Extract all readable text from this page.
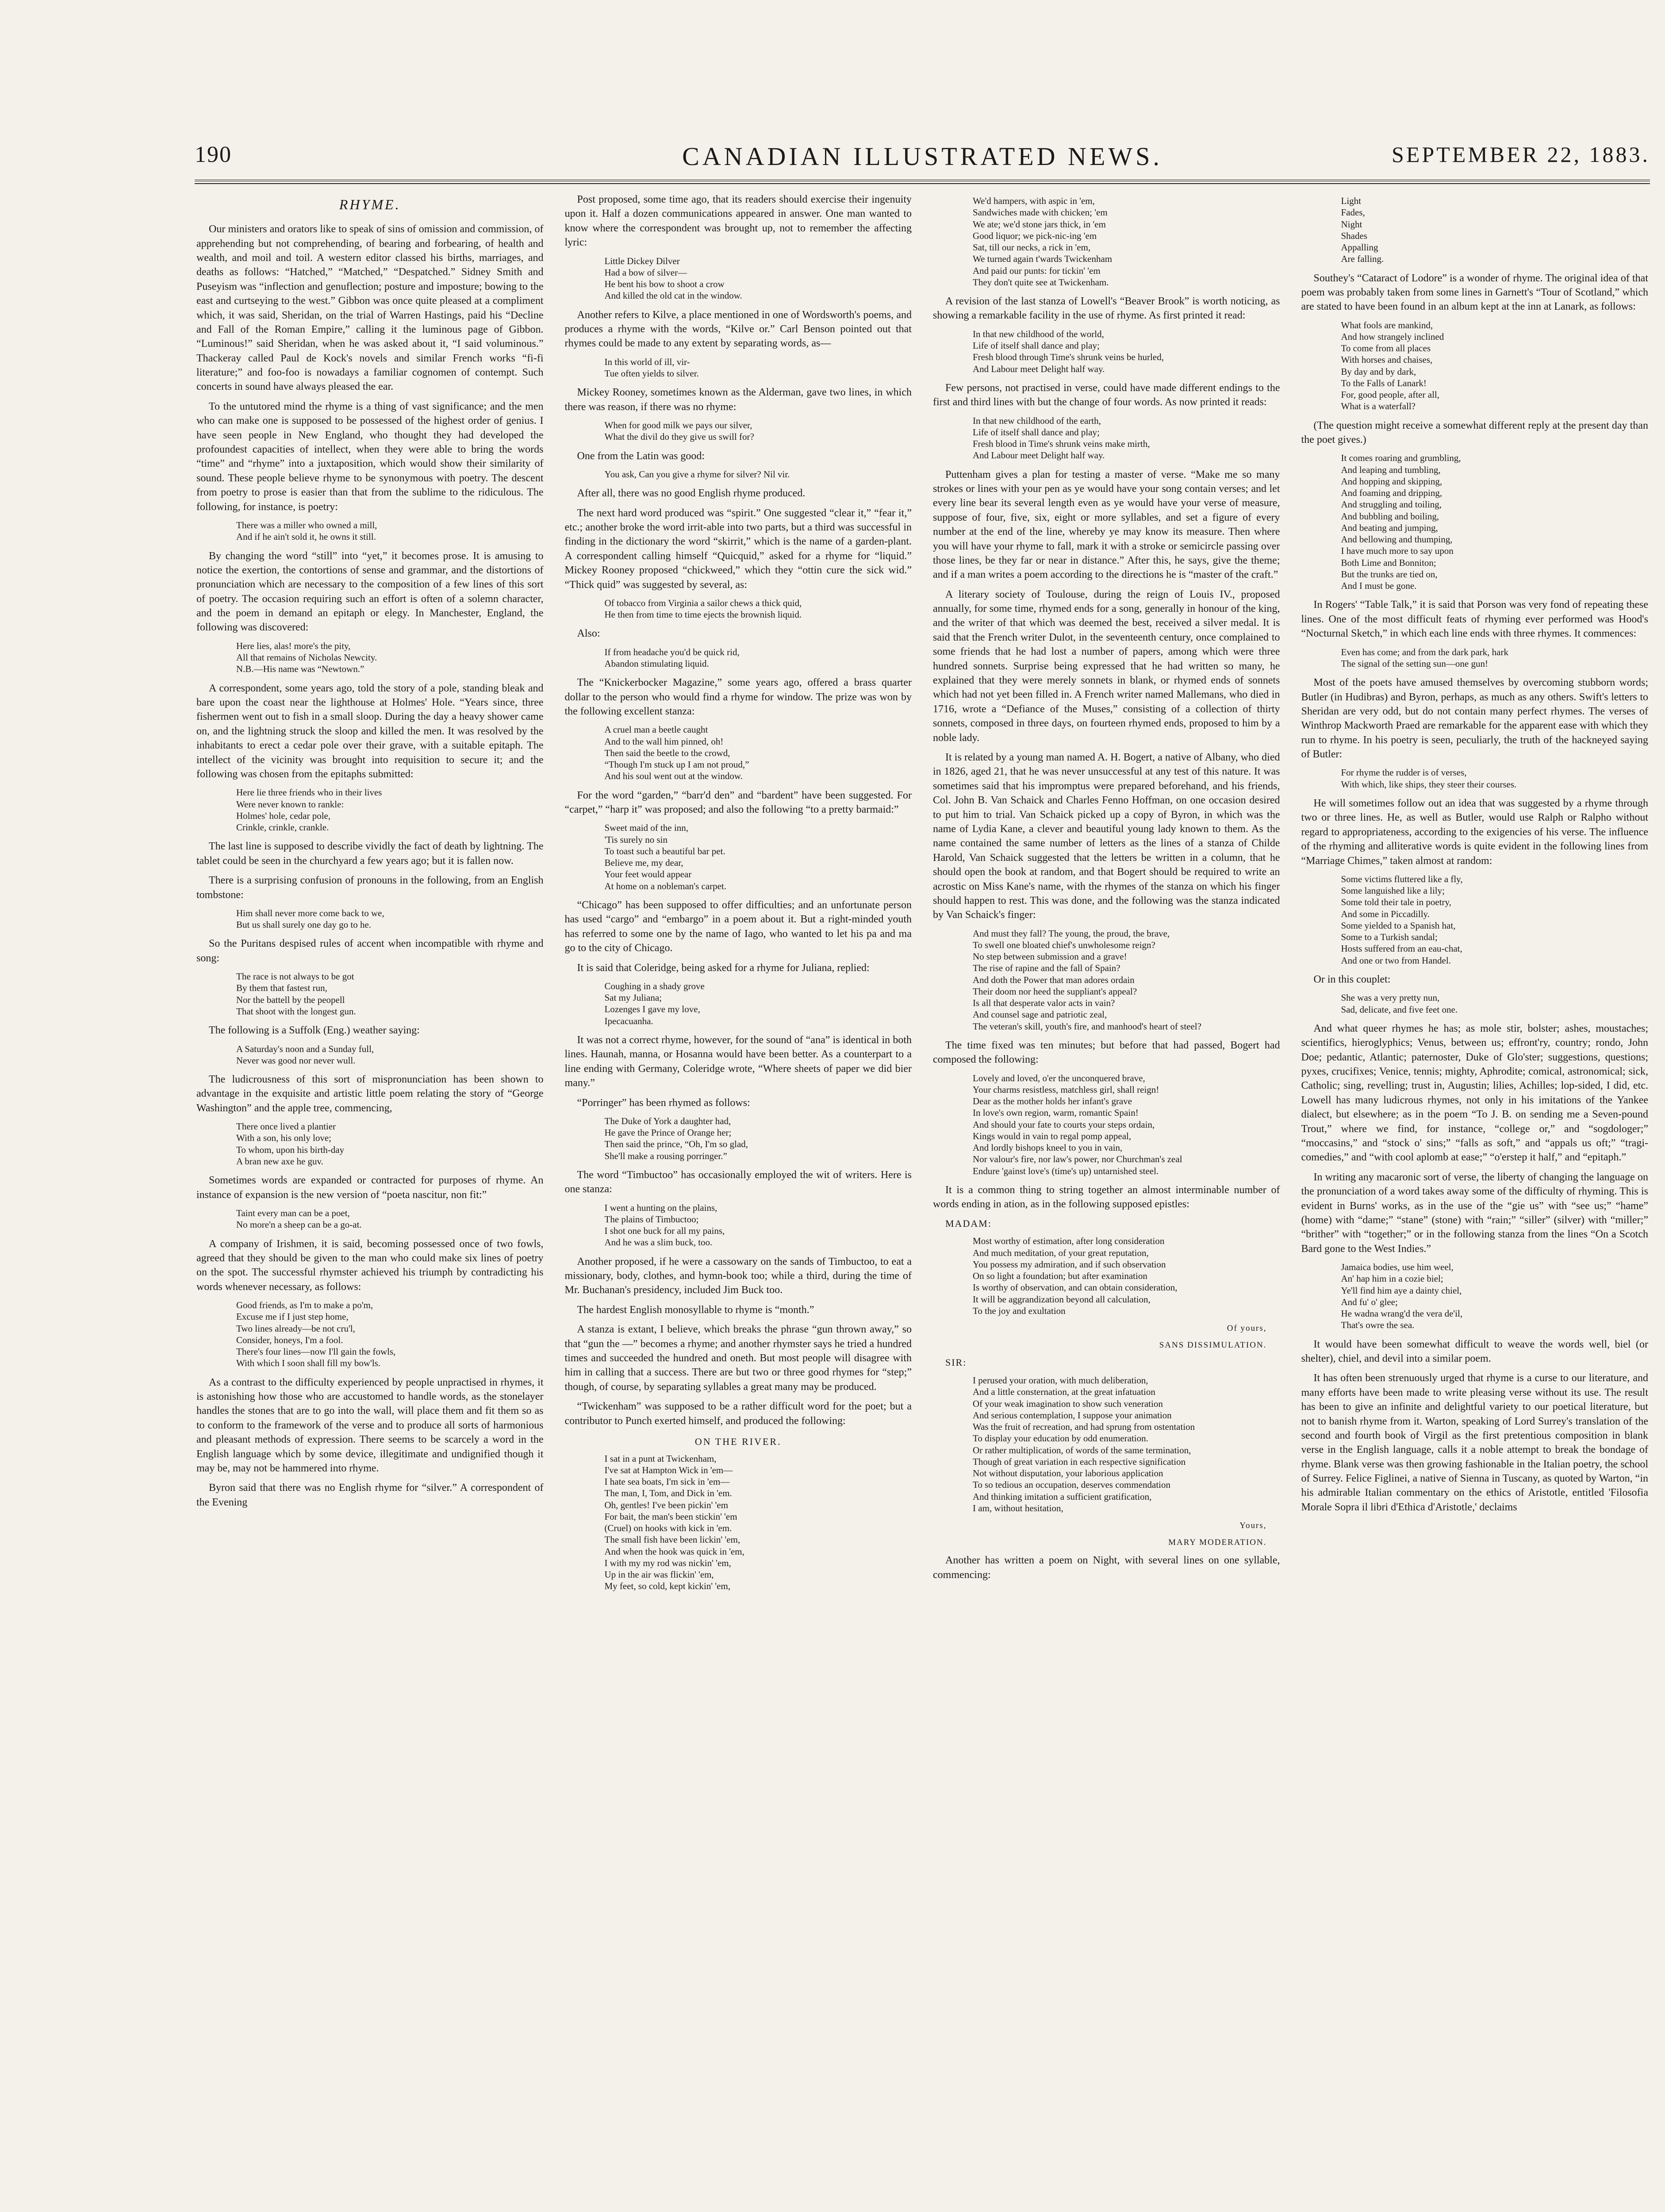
190	CANADIAN ILLUSTRATED NEWS.	SEPTEMBER 22, 1883.
RHYME.

Our ministers and orators like to speak of sins of omission and commission, of apprehending but not comprehending, of bearing and forbearing, of health and wealth, and moil and toil. A western editor classed his births, marriages, and deaths as follows: “Hatched,” “Matched,” “Despatched.” Sidney Smith and Puseyism was “inflection and genuflection; posture and imposture; bowing to the east and curtseying to the west.” Gibbon was once quite pleased at a compliment which, it was said, Sheridan, on the trial of Warren Hastings, paid his “Decline and Fall of the Roman Empire,” calling it the luminous page of Gibbon. “Luminous!” said Sheridan, when he was asked about it, “I said voluminous.” Thackeray called Paul de Kock's novels and similar French works “fi-fi literature;” and foo-foo is nowadays a familiar cognomen of contempt. Such concerts in sound have always pleased the ear.

To the untutored mind the rhyme is a thing of vast significance; and the men who can make one is supposed to be possessed of the highest order of genius. I have seen people in New England, who thought they had developed the profoundest capacities of intellect, when they were able to bring the words “time” and “rhyme” into a juxtaposition, which would show their similarity of sound. These people believe rhyme to be synonymous with poetry. The descent from poetry to prose is easier than that from the sublime to the ridiculous. The following, for instance, is poetry:

There was a miller who owned a mill,
And if he ain't sold it, he owns it still.

By changing the word “still” into “yet,” it becomes prose. It is amusing to notice the exertion, the contortions of sense and grammar, and the distortions of pronunciation which are necessary to the composition of a few lines of this sort of poetry. The occasion requiring such an effort is often of a solemn character, and the poem in demand an epitaph or elegy. In Manchester, England, the following was discovered:

Here lies, alas! more's the pity,
All that remains of Nicholas Newcity.
N.B.—His name was “Newtown.”

A correspondent, some years ago, told the story of a pole, standing bleak and bare upon the coast near the lighthouse at Holmes' Hole. “Years since, three fishermen went out to fish in a small sloop. During the day a heavy shower came on, and the lightning struck the sloop and killed the men. It was resolved by the inhabitants to erect a cedar pole over their grave, with a suitable epitaph. The intellect of the vicinity was brought into requisition to secure it; and the following was chosen from the epitaphs submitted:

Here lie three friends who in their lives
Were never known to rankle:
Holmes' hole, cedar pole,
Crinkle, crinkle, crankle.

The last line is supposed to describe vividly the fact of death by lightning. The tablet could be seen in the churchyard a few years ago; but it is fallen now.

There is a surprising confusion of pronouns in the following, from an English tombstone:

Him shall never more come back to we,
But us shall surely one day go to he.

So the Puritans despised rules of accent when incompatible with rhyme and song:

The race is not always to be got
By them that fastest run,
Nor the battell by the peopell
That shoot with the longest gun.

The following is a Suffolk (Eng.) weather saying:

A Saturday's noon and a Sunday full,
Never was good nor never wull.

The ludicrousness of this sort of mispronunciation has been shown to advantage in the exquisite and artistic little poem relating the story of “George Washington” and the apple tree, commencing,

There once lived a plantier
With a son, his only love;
To whom, upon his birth-day
A bran new axe he guv.

Sometimes words are expanded or contracted for purposes of rhyme. An instance of expansion is the new version of “poeta nascitur, non fit:”

Taint every man can be a poet,
No more'n a sheep can be a go-at.

A company of Irishmen, it is said, becoming possessed once of two fowls, agreed that they should be given to the man who could make six lines of poetry on the spot. The successful rhymster achieved his triumph by contradicting his words whenever necessary, as follows:

Good friends, as I'm to make a po'm,
Excuse me if I just step home,
Two lines already—be not cru'l,
Consider, honeys, I'm a fool.
There's four lines—now I'll gain the fowls,
With which I soon shall fill my bow'ls.

As a contrast to the difficulty experienced by people unpractised in rhymes, it is astonishing how those who are accustomed to handle words, as the stonelayer handles the stones that are to go into the wall, will place them and fit them so as to conform to the framework of the verse and to produce all sorts of harmonious and pleasant methods of expression. There seems to be scarcely a word in the English language which by some device, illegitimate and undignified though it may be, may not be hammered into rhyme.

Byron said that there was no English rhyme for “silver.” A correspondent of the Evening

Post proposed, some time ago, that its readers should exercise their ingenuity upon it. Half a dozen communications appeared in answer. One man wanted to know where the correspondent was brought up, not to remember the affecting lyric:

Little Dickey Dilver
Had a bow of silver—
He bent his bow to shoot a crow
And killed the old cat in the window.

Another refers to Kilve, a place mentioned in one of Wordsworth's poems, and produces a rhyme with the words, “Kilve or.” Carl Benson pointed out that rhymes could be made to any extent by separating words, as—

In this world of ill, vir-
Tue often yields to silver.

Mickey Rooney, sometimes known as the Alderman, gave two lines, in which there was reason, if there was no rhyme:

When for good milk we pays our silver,
What the divil do they give us swill for?

One from the Latin was good:

You ask, Can you give a rhyme for silver? Nil vir.

After all, there was no good English rhyme produced.

The next hard word produced was “spirit.” One suggested “clear it,” “fear it,” etc.; another broke the word irrit-able into two parts, but a third was successful in finding in the dictionary the word “skirrit,” which is the name of a garden-plant. A correspondent calling himself “Quicquid,” asked for a rhyme for “liquid.” Mickey Rooney proposed “chickweed,” which they “ottin cure the sick wid.” “Thick quid” was suggested by several, as:

Of tobacco from Virginia a sailor chews a thick quid,
He then from time to time ejects the brownish liquid.

Also:

If from headache you'd be quick rid,
Abandon stimulating liquid.

The “Knickerbocker Magazine,” some years ago, offered a brass quarter dollar to the person who would find a rhyme for window. The prize was won by the following excellent stanza:

A cruel man a beetle caught
And to the wall him pinned, oh!
Then said the beetle to the crowd,
“Though I'm stuck up I am not proud,”
And his soul went out at the window.

For the word “garden,” “barr'd den” and “bardent” have been suggested. For “carpet,” “harp it” was proposed; and also the following “to a pretty barmaid:”

Sweet maid of the inn,
'Tis surely no sin
To toast such a beautiful bar pet.
Believe me, my dear,
Your feet would appear
At home on a nobleman's carpet.

“Chicago” has been supposed to offer difficulties; and an unfortunate person has used “cargo” and “embargo” in a poem about it. But a right-minded youth has referred to some one by the name of Iago, who wanted to let his pa and ma go to the city of Chicago.

It is said that Coleridge, being asked for a rhyme for Juliana, replied:

Coughing in a shady grove
Sat my Juliana;
Lozenges I gave my love,
Ipecacuanha.

It was not a correct rhyme, however, for the sound of “ana” is identical in both lines. Haunah, manna, or Hosanna would have been better. As a counterpart to a line ending with Germany, Coleridge wrote, “Where sheets of paper we did bier many.”

“Porringer” has been rhymed as follows:

The Duke of York a daughter had,
He gave the Prince of Orange her;
Then said the prince, “Oh, I'm so glad,
She'll make a rousing porringer.”

The word “Timbuctoo” has occasionally employed the wit of writers. Here is one stanza:

I went a hunting on the plains,
The plains of Timbuctoo;
I shot one buck for all my pains,
And he was a slim buck, too.

Another proposed, if he were a cassowary on the sands of Timbuctoo, to eat a missionary, body, clothes, and hymn-book too; while a third, during the time of Mr. Buchanan's presidency, included Jim Buck too.

The hardest English monosyllable to rhyme is “month.”

A stanza is extant, I believe, which breaks the phrase “gun thrown away,” so that “gun the —” becomes a rhyme; and another rhymster says he tried a hundred times and succeeded the hundred and oneth. But most people will disagree with him in calling that a success. There are but two or three good rhymes for “step;” though, of course, by separating syllables a great many may be produced.

“Twickenham” was supposed to be a rather difficult word for the poet; but a contributor to Punch exerted himself, and produced the following:

ON THE RIVER.
I sat in a punt at Twickenham,
I've sat at Hampton Wick in 'em—
I hate sea boats, I'm sick in 'em—
The man, I, Tom, and Dick in 'em.
Oh, gentles! I've been pickin' 'em
For bait, the man's been stickin' 'em
(Cruel) on hooks with kick in 'em.
The small fish have been lickin' 'em,
And when the hook was quick in 'em,
I with my my rod was nickin' 'em,
Up in the air was flickin' 'em,
My feet, so cold, kept kickin' 'em,
We'd hampers, with aspic in 'em,
Sandwiches made with chicken; 'em
We ate; we'd stone jars thick, in 'em
Good liquor; we pick-nic-ing 'em
Sat, till our necks, a rick in 'em,
We turned again t'wards Twickenham
And paid our punts: for tickin' 'em
They don't quite see at Twickenham.

A revision of the last stanza of Lowell's “Beaver Brook” is worth noticing, as showing a remarkable facility in the use of rhyme. As first printed it read:

In that new childhood of the world,
Life of itself shall dance and play;
Fresh blood through Time's shrunk veins be hurled,
And Labour meet Delight half way.

Few persons, not practised in verse, could have made different endings to the first and third lines with but the change of four words. As now printed it reads:

In that new childhood of the earth,
Life of itself shall dance and play;
Fresh blood in Time's shrunk veins make mirth,
And Labour meet Delight half way.

Puttenham gives a plan for testing a master of verse. “Make me so many strokes or lines with your pen as ye would have your song contain verses; and let every line bear its several length even as ye would have your verse of measure, suppose of four, five, six, eight or more syllables, and set a figure of every number at the end of the line, whereby ye may know its measure. Then where you will have your rhyme to fall, mark it with a stroke or semicircle passing over those lines, be they far or near in distance.” After this, he says, give the theme; and if a man writes a poem according to the directions he is “master of the craft.”

A literary society of Toulouse, during the reign of Louis IV., proposed annually, for some time, rhymed ends for a song, generally in honour of the king, and the writer of that which was deemed the best, received a silver medal. It is said that the French writer Dulot, in the seventeenth century, once complained to some friends that he had lost a number of papers, among which were three hundred sonnets. Surprise being expressed that he had written so many, he explained that they were merely sonnets in blank, or rhymed ends of sonnets which had not yet been filled in. A French writer named Mallemans, who died in 1716, wrote a “Defiance of the Muses,” consisting of a collection of thirty sonnets, composed in three days, on fourteen rhymed ends, proposed to him by a noble lady.

It is related by a young man named A. H. Bogert, a native of Albany, who died in 1826, aged 21, that he was never unsuccessful at any test of this nature. It was sometimes said that his impromptus were prepared beforehand, and his friends, Col. John B. Van Schaick and Charles Fenno Hoffman, on one occasion desired to put him to trial. Van Schaick picked up a copy of Byron, in which was the name of Lydia Kane, a clever and beautiful young lady known to them. As the name contained the same number of letters as the lines of a stanza of Childe Harold, Van Schaick suggested that the letters be written in a column, that he should open the book at random, and that Bogert should be required to write an acrostic on Miss Kane's name, with the rhymes of the stanza on which his finger should happen to rest. This was done, and the following was the stanza indicated by Van Schaick's finger:

And must they fall? The young, the proud, the brave,
To swell one bloated chief's unwholesome reign?
No step between submission and a grave!
The rise of rapine and the fall of Spain?
And doth the Power that man adores ordain
Their doom nor heed the suppliant's appeal?
Is all that desperate valor acts in vain?
And counsel sage and patriotic zeal,
The veteran's skill, youth's fire, and manhood's heart of steel?

The time fixed was ten minutes; but before that had passed, Bogert had composed the following:

Lovely and loved, o'er the unconquered brave,
Your charms resistless, matchless girl, shall reign!
Dear as the mother holds her infant's grave
In love's own region, warm, romantic Spain!
And should your fate to courts your steps ordain,
Kings would in vain to regal pomp appeal,
And lordly bishops kneel to you in vain,
Nor valour's fire, nor law's power, nor Churchman's zeal
Endure 'gainst love's (time's up) untarnished steel.

It is a common thing to string together an almost interminable number of words ending in ation, as in the following supposed epistles:

MADAM:

Most worthy of estimation, after long consideration
And much meditation, of your great reputation,
You possess my admiration, and if such observation
On so light a foundation; but after examination
Is worthy of observation, and can obtain consideration,
It will be aggrandization beyond all calculation,
To the joy and exultation
Of yours,
SANS DISSIMULATION.

SIR:

I perused your oration, with much deliberation,
And a little consternation, at the great infatuation
Of your weak imagination to show such veneration
And serious contemplation, I suppose your animation
Was the fruit of recreation, and had sprung from ostentation
To display your education by odd enumeration.
Or rather multiplication, of words of the same termination,
Though of great variation in each respective signification
Not without disputation, your laborious application
To so tedious an occupation, deserves commendation
And thinking imitation a sufficient gratification,
I am, without hesitation,
Yours,
MARY MODERATION.

Another has written a poem on Night, with several lines on one syllable, commencing:

Light
Fades,
Night
Shades
Appalling
Are falling.

Southey's “Cataract of Lodore” is a wonder of rhyme. The original idea of that poem was probably taken from some lines in Garnett's “Tour of Scotland,” which are stated to have been found in an album kept at the inn at Lanark, as follows:

What fools are mankind,
And how strangely inclined
To come from all places
With horses and chaises,
By day and by dark,
To the Falls of Lanark!
For, good people, after all,
What is a waterfall?

(The question might receive a somewhat different reply at the present day than the poet gives.)

It comes roaring and grumbling,
And leaping and tumbling,
And hopping and skipping,
And foaming and dripping,
And struggling and toiling,
And bubbling and boiling,
And beating and jumping,
And bellowing and thumping,
I have much more to say upon
Both Lime and Bonniton;
But the trunks are tied on,
And I must be gone.

In Rogers' “Table Talk,” it is said that Porson was very fond of repeating these lines. One of the most difficult feats of rhyming ever performed was Hood's “Nocturnal Sketch,” in which each line ends with three rhymes. It commences:

Even has come; and from the dark park, hark
The signal of the setting sun—one gun!

Most of the poets have amused themselves by overcoming stubborn words; Butler (in Hudibras) and Byron, perhaps, as much as any others. Swift's letters to Sheridan are very odd, but do not contain many perfect rhymes. The verses of Winthrop Mackworth Praed are remarkable for the apparent ease with which they run to rhyme. In his poetry is seen, peculiarly, the truth of the hackneyed saying of Butler:

For rhyme the rudder is of verses,
With which, like ships, they steer their courses.

He will sometimes follow out an idea that was suggested by a rhyme through two or three lines. He, as well as Butler, would use Ralph or Ralpho without regard to appropriateness, according to the exigencies of his verse. The influence of the rhyming and alliterative words is quite evident in the following lines from “Marriage Chimes,” taken almost at random:

Some victims fluttered like a fly,
Some languished like a lily;
Some told their tale in poetry,
And some in Piccadilly.
Some yielded to a Spanish hat,
Some to a Turkish sandal;
Hosts suffered from an eau-chat,
And one or two from Handel.

Or in this couplet:

She was a very pretty nun,
Sad, delicate, and five feet one.

And what queer rhymes he has; as mole stir, bolster; ashes, moustaches; scientifics, hieroglyphics; Venus, between us; effront'ry, country; rondo, John Doe; pedantic, Atlantic; paternoster, Duke of Glo'ster; suggestions, questions; pyxes, crucifixes; Venice, tennis; mighty, Aphrodite; comical, astronomical; sick, Catholic; sing, revelling; trust in, Augustin; lilies, Achilles; lop-sided, I did, etc. Lowell has many ludicrous rhymes, not only in his imitations of the Yankee dialect, but elsewhere; as in the poem “To J. B. on sending me a Seven-pound Trout,” where we find, for instance, “college or,” and “sogdologer;” “moccasins,” and “stock o' sins;” “falls as soft,” and “appals us oft;” “tragi-comedies,” and “with cool aplomb at ease;” “o'erstep it half,” and “epitaph.”

In writing any macaronic sort of verse, the liberty of changing the language on the pronunciation of a word takes away some of the difficulty of rhyming. This is evident in Burns' works, as in the use of the “gie us” with “see us;” “hame” (home) with “dame;” “stane” (stone) with “rain;” “siller” (silver) with “miller;” “brither” with “together;” or in the following stanza from the lines “On a Scotch Bard gone to the West Indies.”

Jamaica bodies, use him weel,
An' hap him in a cozie biel;
Ye'll find him aye a dainty chiel,
And fu' o' glee;
He wadna wrang'd the vera de'il,
That's owre the sea.

It would have been somewhat difficult to weave the words well, biel (or shelter), chiel, and devil into a similar poem.

It has often been strenuously urged that rhyme is a curse to our literature, and many efforts have been made to write pleasing verse without its use. The result has been to give an infinite and delightful variety to our poetical literature, but not to banish rhyme from it. Warton, speaking of Lord Surrey's translation of the second and fourth book of Virgil as the first pretentious composition in blank verse in the English language, calls it a noble attempt to break the bondage of rhyme. Blank verse was then growing fashionable in the Italian poetry, the school of Surrey. Felice Figlinei, a native of Sienna in Tuscany, as quoted by Warton, “in his admirable Italian commentary on the ethics of Aristotle, entitled 'Filosofia Morale Sopra il libri d'Ethica d'Aristotle,' declaims
